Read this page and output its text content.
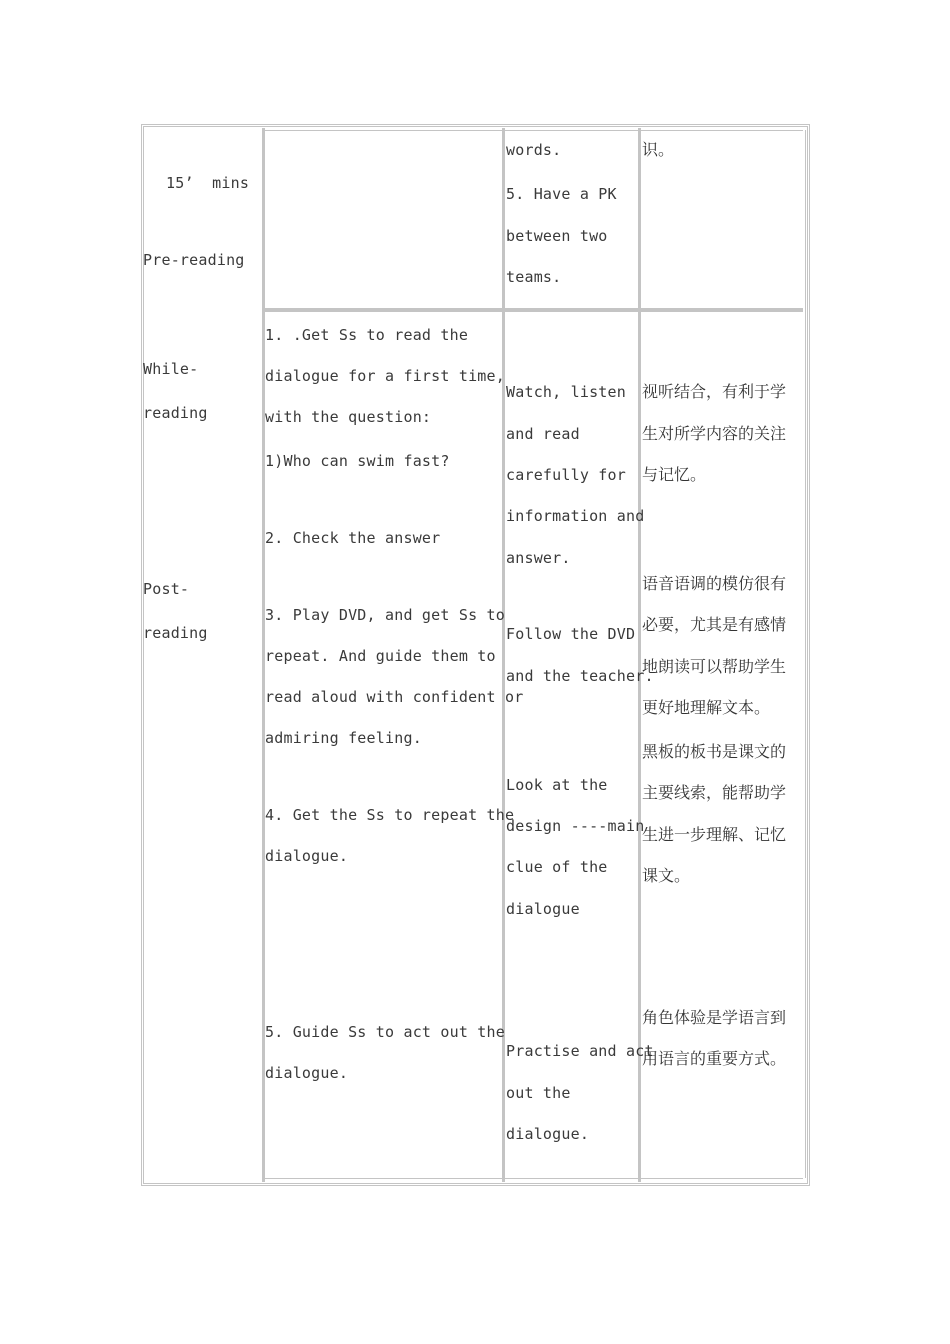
15’  mins
Pre-reading
While-
reading
Post-
reading
words.
5. Have a PK
between two
teams.
识。
1. .Get Ss to read the
dialogue for a first time,
with the question:
1)Who can swim fast?
2. Check the answer
3. Play DVD, and get Ss to
repeat. And guide them to
read aloud with confident or
admiring feeling.
4. Get the Ss to repeat the
dialogue.
5. Guide Ss to act out the
dialogue.
Watch, listen
and read
carefully for
information and
answer.
Follow the DVD
and the teacher.
Look at the
design ----main
clue of the
dialogue
Practise and act
out the
dialogue.
视听结合，有利于学
生对所学内容的关注
与记忆。
语音语调的模仿很有
必要，尤其是有感情
地朗读可以帮助学生
更好地理解文本。
黑板的板书是课文的
主要线索，能帮助学
生进一步理解、记忆
课文。
角色体验是学语言到
用语言的重要方式。
